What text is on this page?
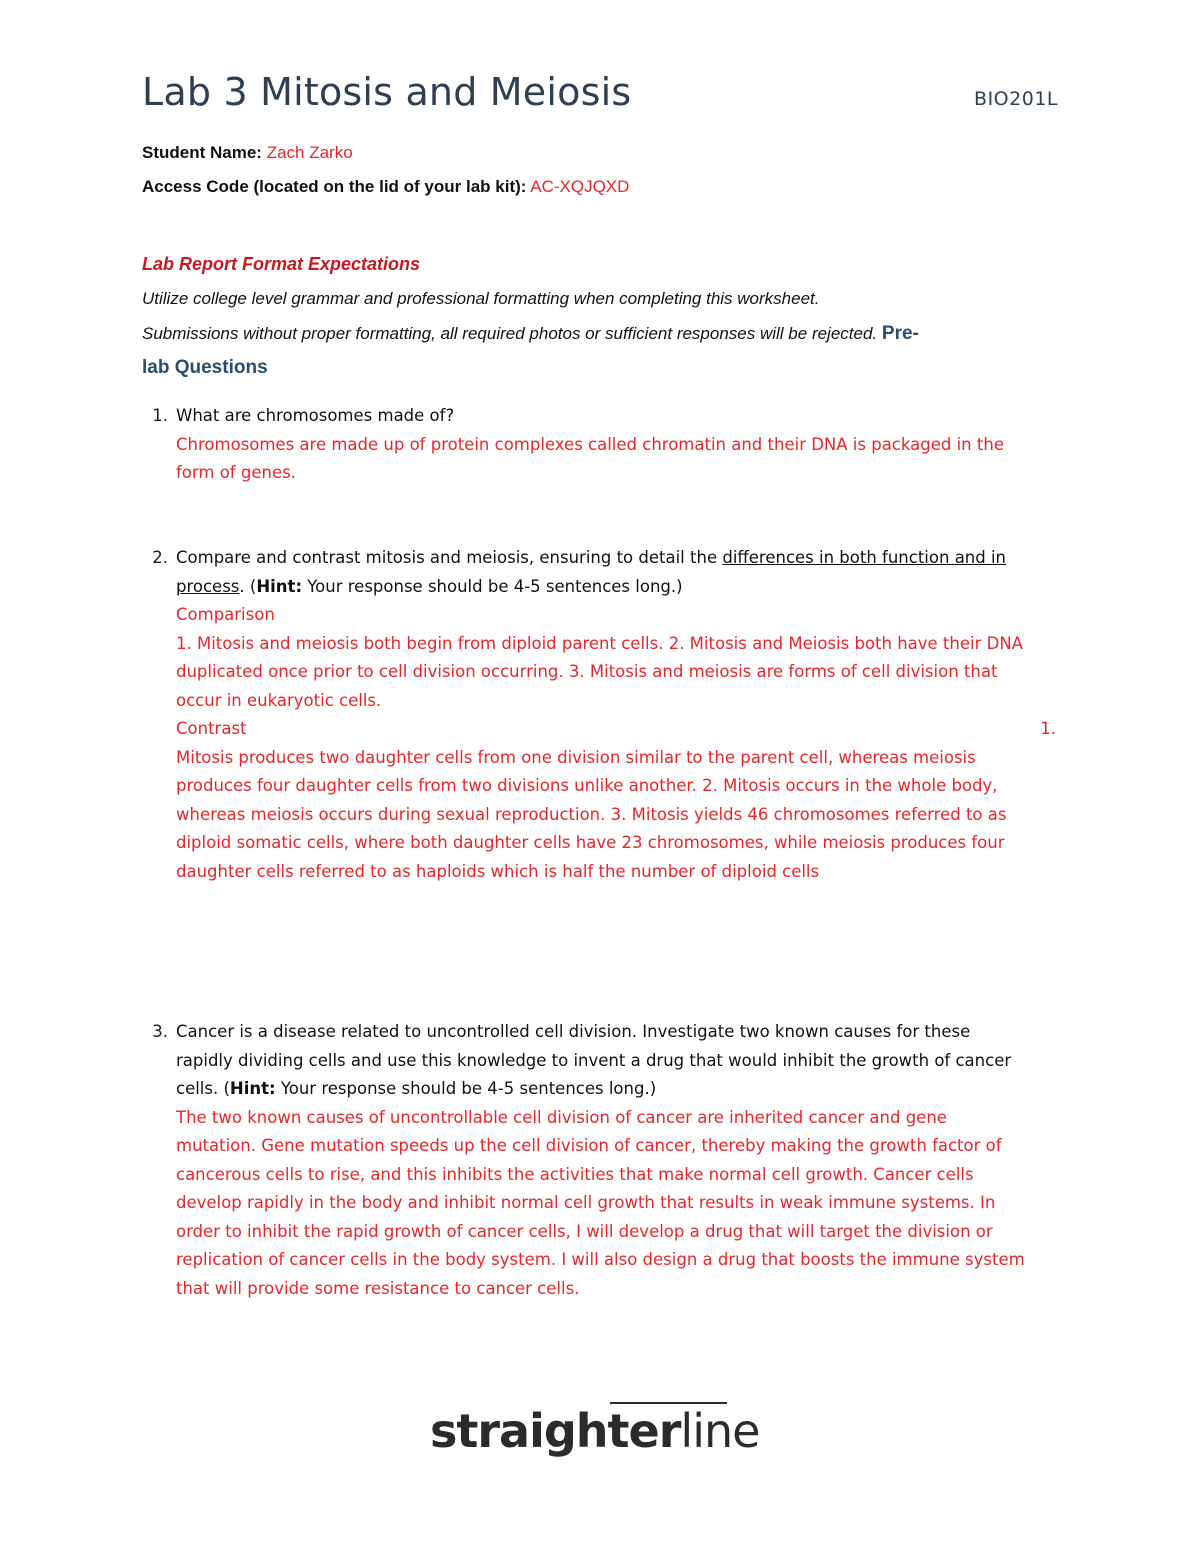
Lab 3 Mitosis and Meiosis	BIO201L
Student Name: Zach Zarko
Access Code (located on the lid of your lab kit): AC-XQJQXD
Lab Report Format Expectations
Utilize college level grammar and professional formatting when completing this worksheet.
Submissions without proper formatting, all required photos or sufficient responses will be rejected. Pre-
lab Questions
1. What are chromosomes made of?
Chromosomes are made up of protein complexes called chromatin and their DNA is packaged in the form of genes.
2. Compare and contrast mitosis and meiosis, ensuring to detail the differences in both function and in process. (Hint: Your response should be 4-5 sentences long.)
Comparison
1. Mitosis and meiosis both begin from diploid parent cells. 2. Mitosis and Meiosis both have their DNA duplicated once prior to cell division occurring. 3. Mitosis and meiosis are forms of cell division that occur in eukaryotic cells.
Contrast	1.
Mitosis produces two daughter cells from one division similar to the parent cell, whereas meiosis produces four daughter cells from two divisions unlike another. 2. Mitosis occurs in the whole body, whereas meiosis occurs during sexual reproduction. 3. Mitosis yields 46 chromosomes referred to as diploid somatic cells, where both daughter cells have 23 chromosomes, while meiosis produces four daughter cells referred to as haploids which is half the number of diploid cells
3. Cancer is a disease related to uncontrolled cell division. Investigate two known causes for these rapidly dividing cells and use this knowledge to invent a drug that would inhibit the growth of cancer cells. (Hint: Your response should be 4-5 sentences long.)
The two known causes of uncontrollable cell division of cancer are inherited cancer and gene mutation. Gene mutation speeds up the cell division of cancer, thereby making the growth factor of cancerous cells to rise, and this inhibits the activities that make normal cell growth. Cancer cells develop rapidly in the body and inhibit normal cell growth that results in weak immune systems. In order to inhibit the rapid growth of cancer cells, I will develop a drug that will target the division or replication of cancer cells in the body system. I will also design a drug that boosts the immune system that will provide some resistance to cancer cells.
straighterline
